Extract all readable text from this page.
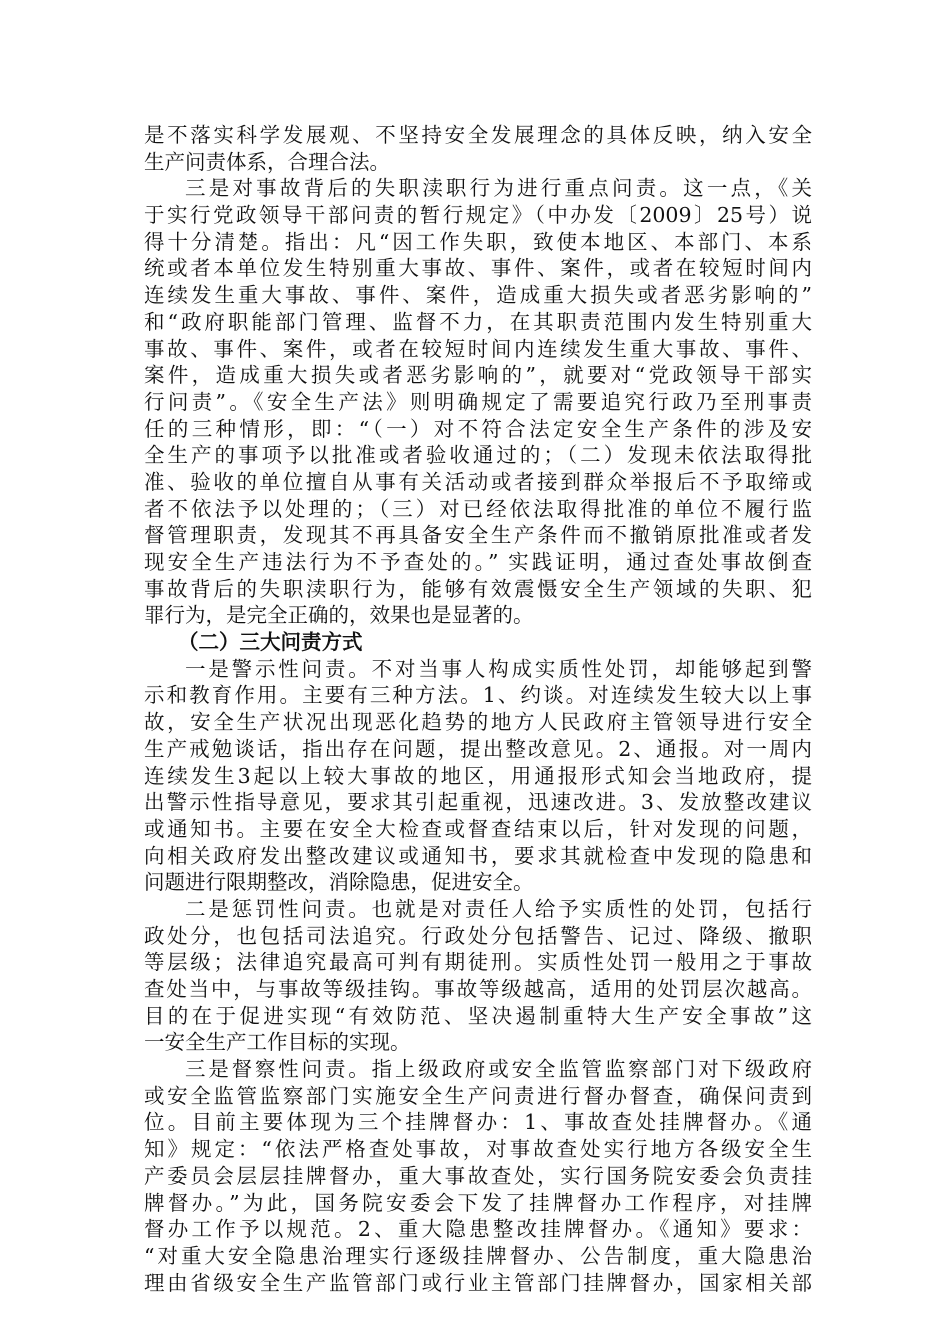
是不落实科学发展观、不坚持安全发展理念的具体反映，纳入安全
生产问责体系，合理合法。
三是对事故背后的失职渎职行为进行重点问责。这一点，《关
于实行党政领导干部问责的暂行规定》（中办发〔2009〕25号）说
得十分清楚。指出：凡“因工作失职，致使本地区、本部门、本系
统或者本单位发生特别重大事故、事件、案件，或者在较短时间内
连续发生重大事故、事件、案件，造成重大损失或者恶劣影响的”
和“政府职能部门管理、监督不力，在其职责范围内发生特别重大
事故、事件、案件，或者在较短时间内连续发生重大事故、事件、
案件，造成重大损失或者恶劣影响的”，就要对“党政领导干部实
行问责”。《安全生产法》则明确规定了需要追究行政乃至刑事责
任的三种情形，即：“（一）对不符合法定安全生产条件的涉及安
全生产的事项予以批准或者验收通过的；（二）发现未依法取得批
准、验收的单位擅自从事有关活动或者接到群众举报后不予取缔或
者不依法予以处理的；（三）对已经依法取得批准的单位不履行监
督管理职责，发现其不再具备安全生产条件而不撤销原批准或者发
现安全生产违法行为不予查处的。” 实践证明，通过查处事故倒查
事故背后的失职渎职行为，能够有效震慑安全生产领域的失职、犯
罪行为，是完全正确的，效果也是显著的。
（二）三大问责方式
一是警示性问责。不对当事人构成实质性处罚，却能够起到警
示和教育作用。主要有三种方法。1、约谈。对连续发生较大以上事
故，安全生产状况出现恶化趋势的地方人民政府主管领导进行安全
生产戒勉谈话，指出存在问题，提出整改意见。2、通报。对一周内
连续发生3起以上较大事故的地区，用通报形式知会当地政府，提
出警示性指导意见，要求其引起重视，迅速改进。3、发放整改建议
或通知书。主要在安全大检查或督查结束以后，针对发现的问题，
向相关政府发出整改建议或通知书，要求其就检查中发现的隐患和
问题进行限期整改，消除隐患，促进安全。
二是惩罚性问责。也就是对责任人给予实质性的处罚，包括行
政处分，也包括司法追究。行政处分包括警告、记过、降级、撤职
等层级；法律追究最高可判有期徒刑。实质性处罚一般用之于事故
查处当中，与事故等级挂钩。事故等级越高，适用的处罚层次越高。
目的在于促进实现“有效防范、坚决遏制重特大生产安全事故”这
一安全生产工作目标的实现。
三是督察性问责。指上级政府或安全监管监察部门对下级政府
或安全监管监察部门实施安全生产问责进行督办督查，确保问责到
位。目前主要体现为三个挂牌督办：1、事故查处挂牌督办。《通
知》规定：“依法严格查处事故，对事故查处实行地方各级安全生
产委员会层层挂牌督办，重大事故查处，实行国务院安委会负责挂
牌督办。”为此，国务院安委会下发了挂牌督办工作程序，对挂牌
督办工作予以规范。2、重大隐患整改挂牌督办。《通知》要求：
“对重大安全隐患治理实行逐级挂牌督办、公告制度，重大隐患治
理由省级安全生产监管部门或行业主管部门挂牌督办，国家相关部
